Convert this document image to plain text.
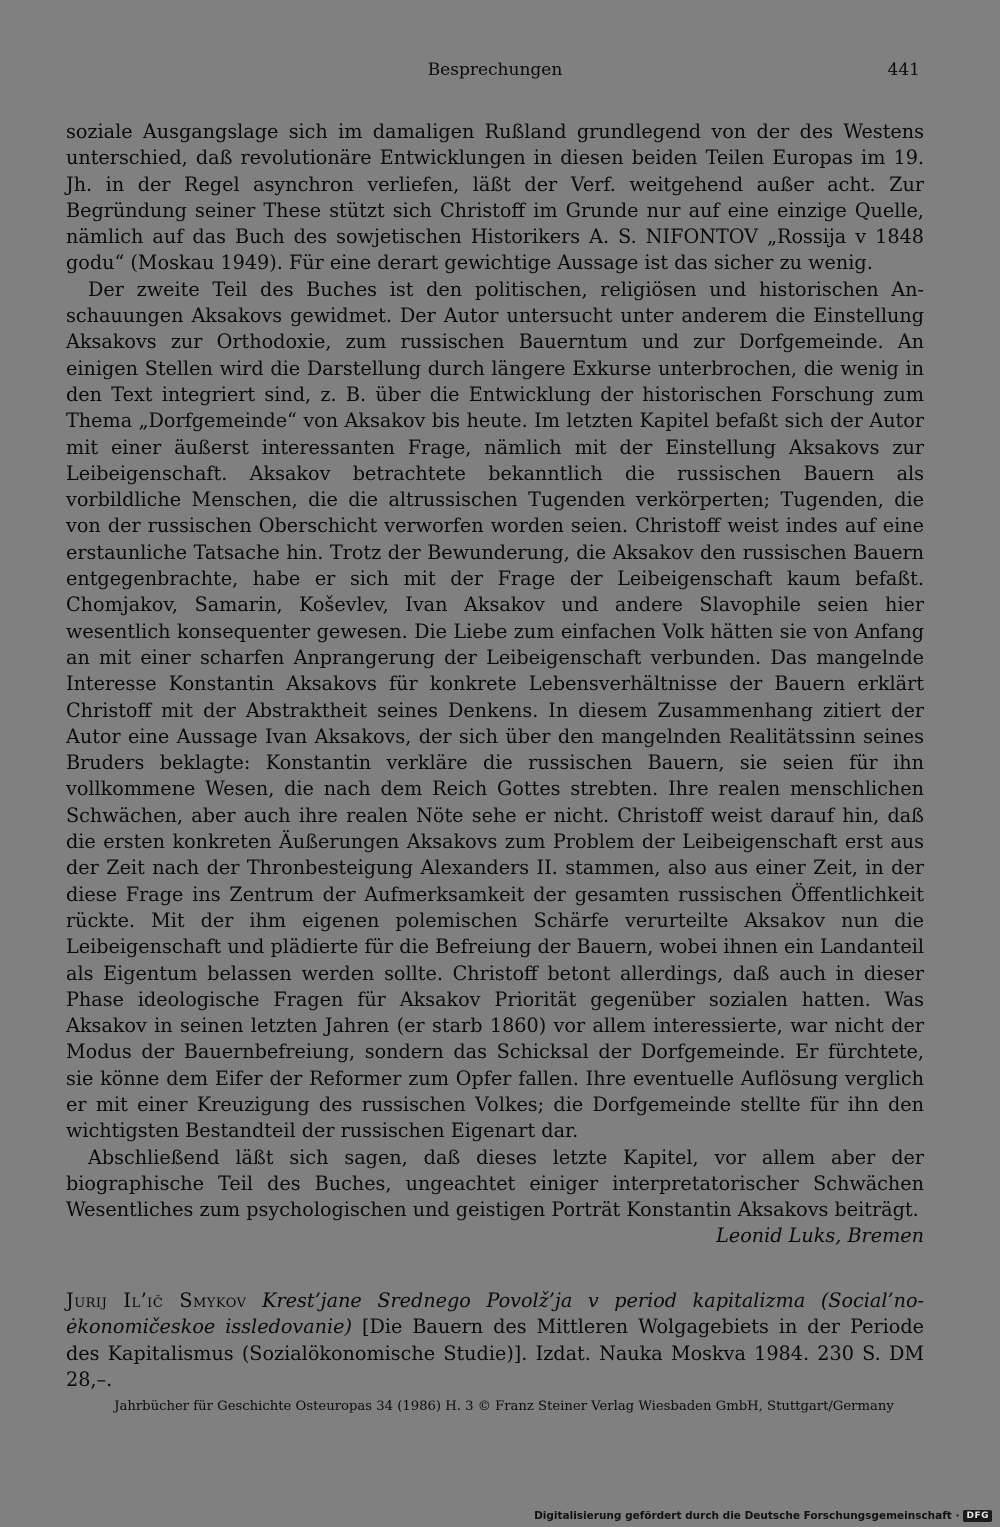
Besprechungen	441

soziale Ausgangslage sich im damaligen Rußland grundlegend von der des Westens unterschied, daß revolutionäre Entwicklungen in diesen beiden Teilen Europas im 19. Jh. in der Regel asynchron verliefen, läßt der Verf. weitgehend außer acht. Zur Begründung seiner These stützt sich Christoff im Grunde nur auf eine einzige Quelle, nämlich auf das Buch des sowjetischen Historikers A. S. NIFONTOV „Rossija v 1848 godu“ (Moskau 1949). Für eine derart gewichtige Aussage ist das sicher zu wenig.

Der zweite Teil des Buches ist den politischen, religiösen und historischen Anschauungen Aksakovs gewidmet. Der Autor untersucht unter anderem die Einstellung Aksakovs zur Orthodoxie, zum russischen Bauerntum und zur Dorfgemeinde. An einigen Stellen wird die Darstellung durch längere Exkurse unterbrochen, die wenig in den Text integriert sind, z. B. über die Entwicklung der historischen Forschung zum Thema „Dorfgemeinde“ von Aksakov bis heute. Im letzten Kapitel befaßt sich der Autor mit einer äußerst interessanten Frage, nämlich mit der Einstellung Aksakovs zur Leibeigenschaft. Aksakov betrachtete bekanntlich die russischen Bauern als vorbildliche Menschen, die die altrussischen Tugenden verkörperten; Tugenden, die von der russischen Oberschicht verworfen worden seien. Christoff weist indes auf eine erstaunliche Tatsache hin. Trotz der Bewunderung, die Aksakov den russischen Bauern entgegenbrachte, habe er sich mit der Frage der Leibeigenschaft kaum befaßt. Chomjakov, Samarin, Koševlev, Ivan Aksakov und andere Slavophile seien hier wesentlich konsequenter gewesen. Die Liebe zum einfachen Volk hätten sie von Anfang an mit einer scharfen Anprangerung der Leibeigenschaft verbunden. Das mangelnde Interesse Konstantin Aksakovs für konkrete Lebensverhältnisse der Bauern erklärt Christoff mit der Abstraktheit seines Denkens. In diesem Zusammenhang zitiert der Autor eine Aussage Ivan Aksakovs, der sich über den mangelnden Realitätssinn seines Bruders beklagte: Konstantin verkläre die russischen Bauern, sie seien für ihn vollkommene Wesen, die nach dem Reich Gottes strebten. Ihre realen menschlichen Schwächen, aber auch ihre realen Nöte sehe er nicht. Christoff weist darauf hin, daß die ersten konkreten Äußerungen Aksakovs zum Problem der Leibeigenschaft erst aus der Zeit nach der Thronbesteigung Alexanders II. stammen, also aus einer Zeit, in der diese Frage ins Zentrum der Aufmerksamkeit der gesamten russischen Öffentlichkeit rückte. Mit der ihm eigenen polemischen Schärfe verurteilte Aksakov nun die Leibeigenschaft und plädierte für die Befreiung der Bauern, wobei ihnen ein Landanteil als Eigentum belassen werden sollte. Christoff betont allerdings, daß auch in dieser Phase ideologische Fragen für Aksakov Priorität gegenüber sozialen hatten. Was Aksakov in seinen letzten Jahren (er starb 1860) vor allem interessierte, war nicht der Modus der Bauernbefreiung, sondern das Schicksal der Dorfgemeinde. Er fürchtete, sie könne dem Eifer der Reformer zum Opfer fallen. Ihre eventuelle Auflösung verglich er mit einer Kreuzigung des russischen Volkes; die Dorfgemeinde stellte für ihn den wichtigsten Bestandteil der russischen Eigenart dar.

Abschließend läßt sich sagen, daß dieses letzte Kapitel, vor allem aber der biographische Teil des Buches, ungeachtet einiger interpretatorischer Schwächen Wesentliches zum psychologischen und geistigen Porträt Konstantin Aksakovs beiträgt.

Leonid Luks, Bremen

Jurij Il’ič Smykov Krest’jane Srednego Povolž’ja v period kapitalizma (Social’no-ėkonomičeskoe issledovanie) [Die Bauern des Mittleren Wolgagebiets in der Periode des Kapitalismus (Sozialökonomische Studie)]. Izdat. Nauka Moskva 1984. 230 S. DM 28,–.
Jahrbücher für Geschichte Osteuropas 34 (1986) H. 3 © Franz Steiner Verlag Wiesbaden GmbH, Stuttgart/Germany
Digitalisierung gefördert durch die Deutsche Forschungsgemeinschaft · DFG
